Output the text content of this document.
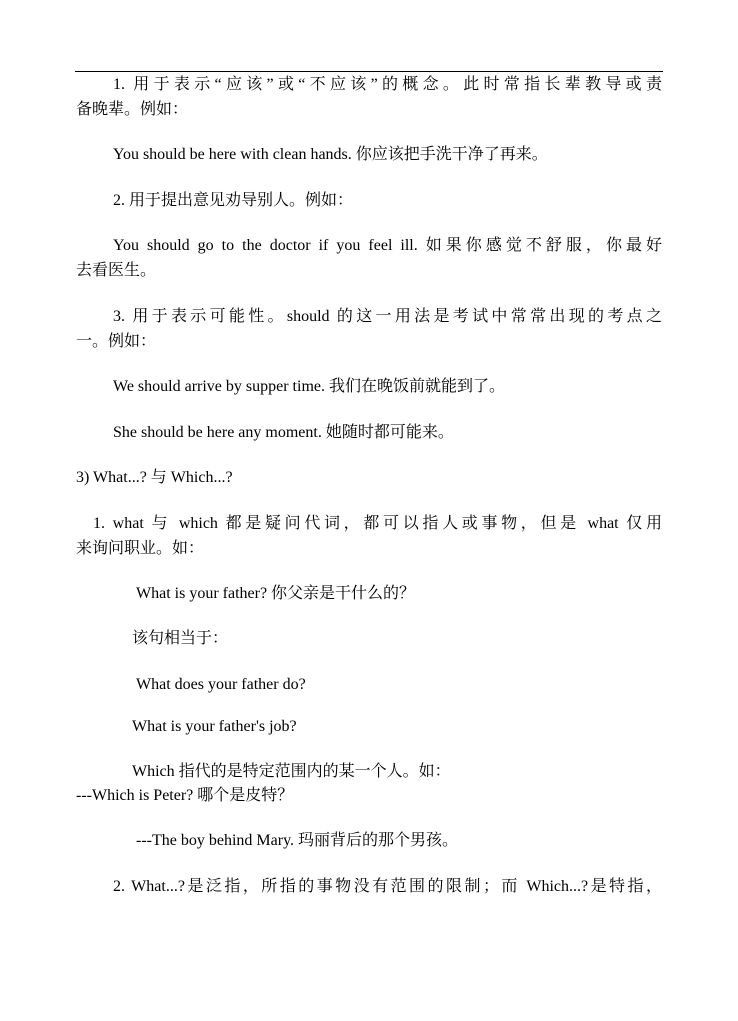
1. 用于表示“应该”或“不应该”的概念。此时常指长辈教导或责
备晚辈。例如：
You should be here with clean hands. 你应该把手洗干净了再来。
2. 用于提出意见劝导别人。例如：
You should go to the doctor if you feel ill. 如果你感觉不舒服，你最好
去看医生。
3. 用于表示可能性。should 的这一用法是考试中常常出现的考点之
一。例如：
We should arrive by supper time. 我们在晚饭前就能到了。
She should be here any moment. 她随时都可能来。
3) What...? 与 Which...?
1. what 与 which 都是疑问代词，都可以指人或事物，但是 what 仅用
来询问职业。如：
What is your father? 你父亲是干什么的？
该句相当于：
What does your father do?
What is your father's job?
Which 指代的是特定范围内的某一个人。如：
---Which is Peter? 哪个是皮特？
---The boy behind Mary. 玛丽背后的那个男孩。
2. What...?是泛指，所指的事物没有范围的限制；而 Which...?是特指，
